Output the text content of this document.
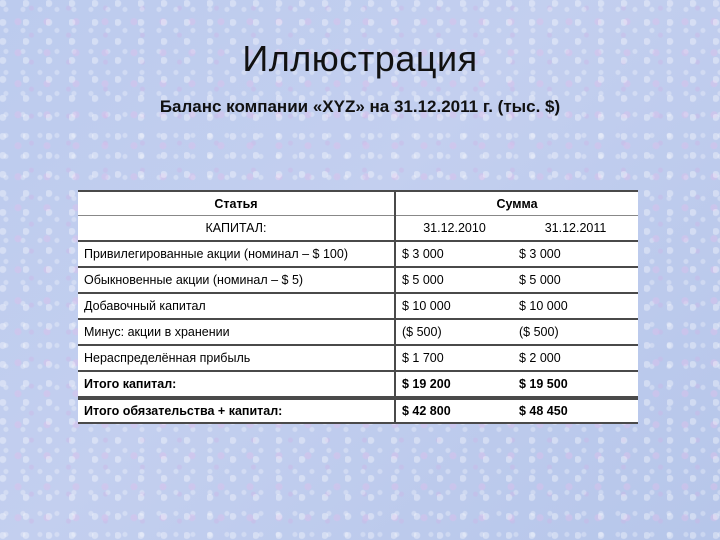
Иллюстрация
Баланс компании «XYZ» на 31.12.2011 г. (тыс. $)
Статья	Сумма	
КАПИТАЛ:	31.12.2010	31.12.2011
Привилегированные акции (номинал – $ 100)	$ 3 000	$ 3 000
Обыкновенные акции (номинал – $ 5)	$ 5 000	$ 5 000
Добавочный капитал	$ 10 000	$ 10 000
Минус: акции в хранении	($ 500)	($ 500)
Нераспределённая прибыль	$ 1 700	$ 2 000
Итого капитал:	$ 19 200	$ 19 500
Итого обязательства + капитал:	$ 42 800	$ 48 450
